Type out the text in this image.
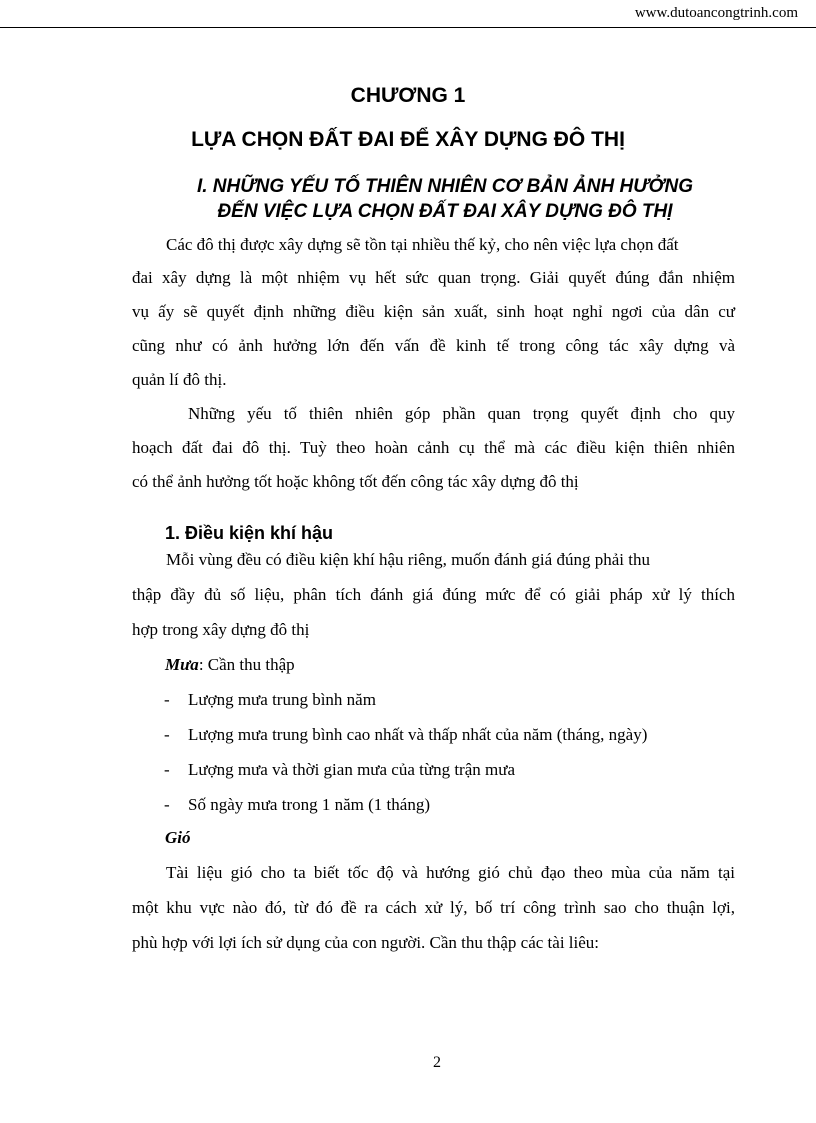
www.dutoancongtrinh.com
CHƯƠNG 1
LỰA CHỌN ĐẤT ĐAI ĐỂ XÂY DỰNG ĐÔ THỊ
I. NHỮNG YẾU TỐ THIÊN NHIÊN CƠ BẢN ẢNH HƯỞNG
ĐẾN VIỆC LỰA CHỌN ĐẤT ĐAI XÂY DỰNG ĐÔ THỊ
Các đô thị được xây dựng sẽ tồn tại nhiều thế kỷ, cho nên việc lựa chọn đất
đai xây dựng là một nhiệm vụ hết sức quan trọng. Giải quyết đúng đắn nhiệm
vụ ấy sẽ quyết định những điều kiện sản xuất, sinh hoạt nghỉ ngơi của dân cư
cũng như có ảnh hưởng lớn đến vấn đề kinh tế trong công tác xây dựng và
quản lí đô thị.
Những yếu tố thiên nhiên góp phần quan trọng quyết định cho quy
hoạch đất đai đô thị. Tuỳ theo hoàn cảnh cụ thể mà các điều kiện thiên nhiên
có thể ảnh hưởng tốt hoặc không tốt đến công tác xây dựng đô thị
1. Điều kiện khí hậu
Mỗi vùng đều có điều kiện khí hậu riêng, muốn đánh giá đúng phải thu
thập đầy đủ số liệu, phân tích đánh giá đúng mức để có giải pháp xử lý thích
hợp trong xây dựng đô thị
Mưa: Cần thu thập
- Lượng mưa trung bình năm
- Lượng mưa trung bình cao nhất và thấp nhất của năm (tháng, ngày)
- Lượng mưa và thời gian mưa của từng trận mưa
- Số ngày mưa trong 1 năm (1 tháng)
Gió
Tài liệu gió cho ta biết tốc độ và hướng gió chủ đạo theo mùa của năm tại
một khu vực nào đó, từ đó đề ra cách xử lý, bố trí công trình sao cho thuận lợi,
phù hợp với lợi ích sử dụng của con người. Cần thu thập các tài liêu:
2
